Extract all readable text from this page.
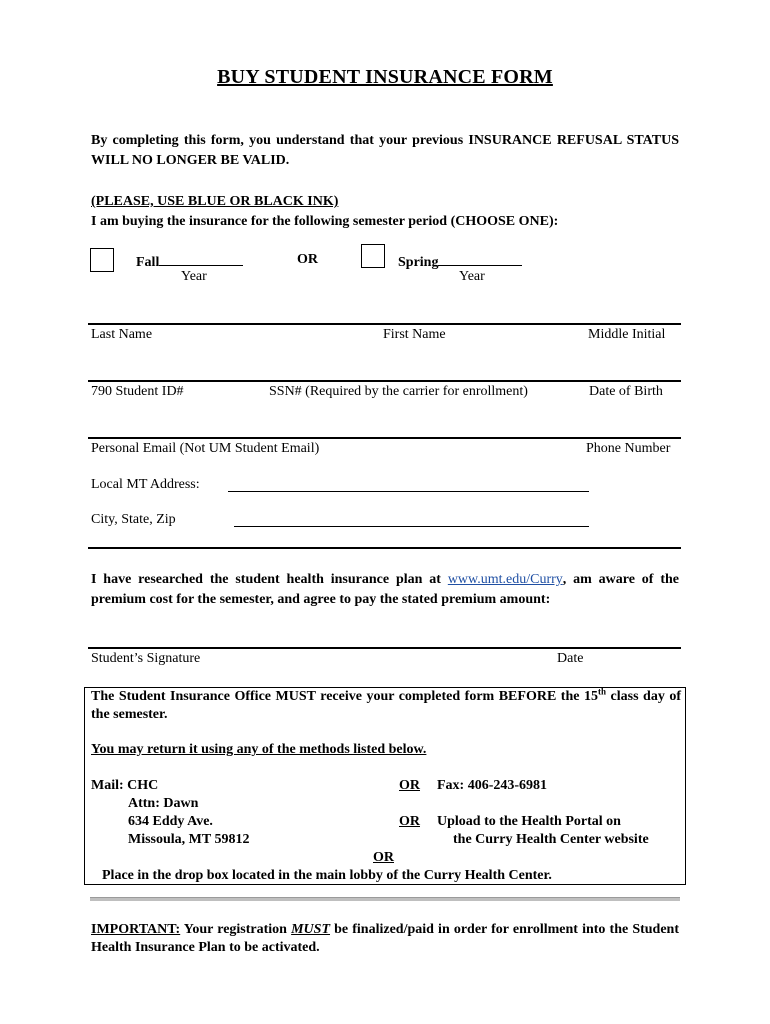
BUY STUDENT INSURANCE FORM
By completing this form, you understand that your previous INSURANCE REFUSAL STATUS WILL NO LONGER BE VALID.
(PLEASE, USE BLUE OR BLACK INK)
I am buying the insurance for the following semester period (CHOOSE ONE):
Fall
Year
OR	Spring
Year
Last Name	First Name	Middle Initial
790 Student ID#	SSN# (Required by the carrier for enrollment)	Date of Birth
Personal Email (Not UM Student Email)	Phone Number
Local MT Address:
City, State, Zip
I have researched the student health insurance plan at www.umt.edu/Curry, am aware of the premium cost for the semester, and agree to pay the stated premium amount:
Student’s Signature	Date
The Student Insurance Office MUST receive your completed form BEFORE the 15th class day of the semester.
You may return it using any of the methods listed below.
Mail: CHC
Attn: Dawn
634 Eddy Ave.
Missoula, MT 59812
OR Fax: 406-243-6981
OR Upload to the Health Portal on
the Curry Health Center website
OR
Place in the drop box located in the main lobby of the Curry Health Center.
IMPORTANT: Your registration MUST be finalized/paid in order for enrollment into the Student Health Insurance Plan to be activated.
